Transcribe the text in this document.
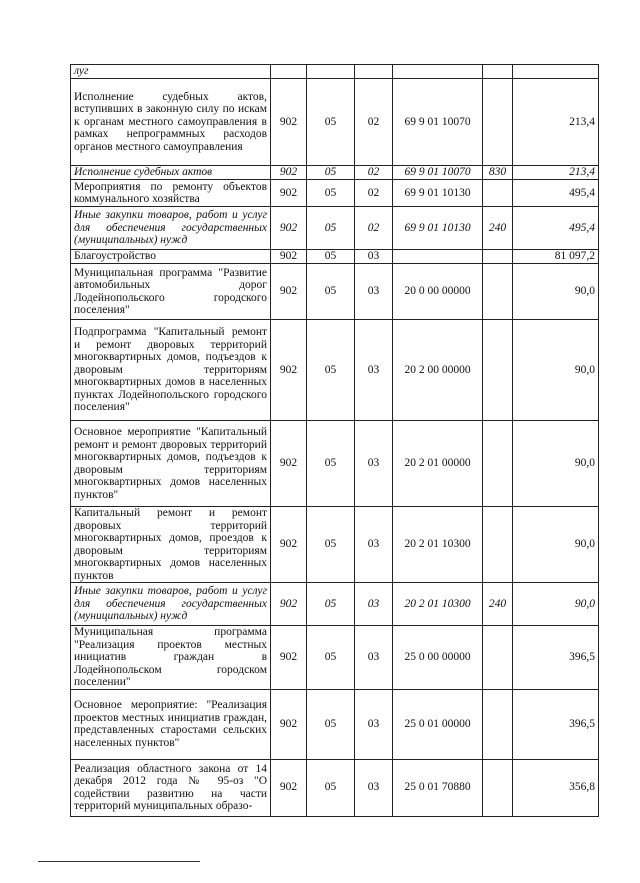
луг						
Исполнение судебных актов, вступивших в законную силу по искам к органам местного самоуправления в рамках непрограммных расходов органов местного самоуправления	902	05	02	69 9 01 10070		213,4
Исполнение судебных актов	902	05	02	69 9 01 10070	830	213,4
Мероприятия по ремонту объектов коммунального хозяйства	902	05	02	69 9 01 10130		495,4
Иные закупки товаров, работ и услуг для обеспечения государственных (муниципальных) нужд	902	05	02	69 9 01 10130	240	495,4
Благоустройство	902	05	03			81 097,2
Муниципальная программа "Развитие автомобильных дорог Лодейнопольского городского поселения"	902	05	03	20 0 00 00000		90,0
Подпрограмма "Капитальный ремонт и ремонт дворовых территорий многоквартирных домов, подъездов к дворовым территориям многоквартирных домов в населенных пунктах Лодейнопольского городского поселения"	902	05	03	20 2 00 00000		90,0
Основное мероприятие "Капитальный ремонт и ремонт дворовых территорий многоквартирных домов, подъездов к дворовым территориям многоквартирных домов населенных пунктов"	902	05	03	20 2 01 00000		90,0
Капитальный ремонт и ремонт дворовых территорий многоквартирных домов, проездов к дворовым территориям многоквартирных домов населенных пунктов	902	05	03	20 2 01 10300		90,0
Иные закупки товаров, работ и услуг для обеспечения государственных (муниципальных) нужд	902	05	03	20 2 01 10300	240	90,0
Муниципальная программа "Реализация проектов местных инициатив граждан в Лодейнопольском городском поселении"	902	05	03	25 0 00 00000		396,5
Основное мероприятие: "Реализация проектов местных инициатив граждан, представленных старостами сельских населенных пунктов"	902	05	03	25 0 01 00000		396,5
Реализация областного закона от 14 декабря 2012 года № 95-оз "О содействии развитию на части территорий муниципальных образо-	902	05	03	25 0 01 70880		356,8
